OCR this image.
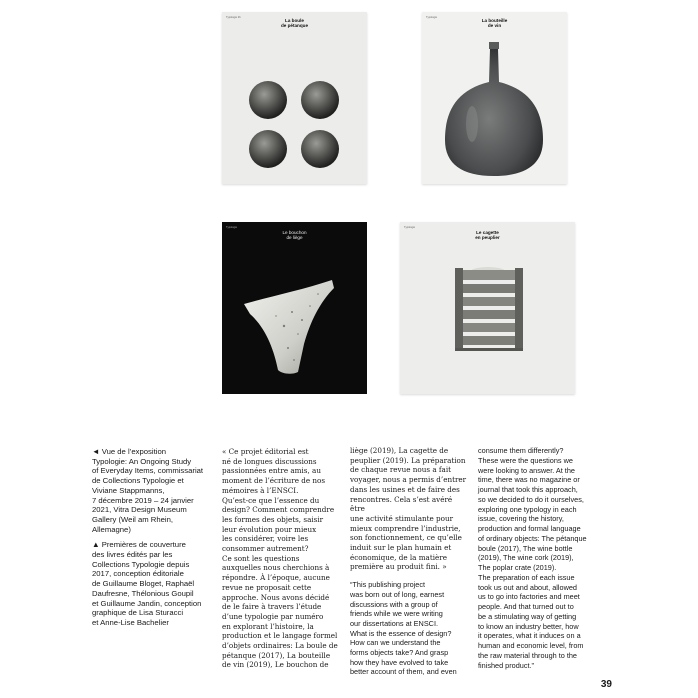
Typologie #1
La boule
de pétanque
Typologie
La bouteille
de vin
Typologie
Le bouchon
de liège
Typologie
Le cagette
en peuplier

◄ Vue de l’exposition
Typologie: An Ongoing Study
of Everyday Items, commissariat
de Collections Typologie et
Viviane Stappmanns,
7 décembre 2019 – 24 janvier
2021, Vitra Design Museum
Gallery (Weil am Rhein,
Allemagne)

▲ Premières de couverture
des livres édités par les
Collections Typologie depuis
2017, conception éditoriale
de Guillaume Bloget, Raphaël
Daufresne, Thélonious Goupil
et Guillaume Jandin, conception
graphique de Lisa Sturacci
et Anne-Lise Bachelier

« Ce projet éditorial est
né de longues discussions
passionnées entre amis, au
moment de l’écriture de nos
mémoires à l’ENSCI.
Qu’est-ce que l’essence du
design? Comment comprendre
les formes des objets, saisir
leur évolution pour mieux
les considérer, voire les
consommer autrement?
Ce sont les questions
auxquelles nous cherchions à
répondre. À l’époque, aucune
revue ne proposait cette
approche. Nous avons décidé
de le faire à travers l’étude
d’une typologie par numéro
en explorant l’histoire, la
production et le langage formel
d’objets ordinaires: La boule de
pétanque (2017), La bouteille
de vin (2019), Le bouchon de

liège (2019), La cagette de
peuplier (2019). La préparation
de chaque revue nous a fait
voyager, nous a permis d’entrer
dans les usines et de faire des
rencontres. Cela s’est avéré être
une activité stimulante pour
mieux comprendre l’industrie,
son fonctionnement, ce qu’elle
induit sur le plan humain et
économique, de la matière
première au produit fini. »

“This publishing project
was born out of long, earnest
discussions with a group of
friends while we were writing
our dissertations at ENSCI.
What is the essence of design?
How can we understand the
forms objects take? And grasp
how they have evolved to take
better account of them, and even

consume them differently?
These were the questions we
were looking to answer. At the
time, there was no magazine or
journal that took this approach,
so we decided to do it ourselves,
exploring one typology in each
issue, covering the history,
production and formal language
of ordinary objects: The pétanque
boule (2017), The wine bottle
(2019), The wine cork (2019),
The poplar crate (2019).
The preparation of each issue
took us out and about, allowed
us to go into factories and meet
people. And that turned out to
be a stimulating way of getting
to know an industry better, how
it operates, what it induces on a
human and economic level, from
the raw material through to the
finished product.”

39
